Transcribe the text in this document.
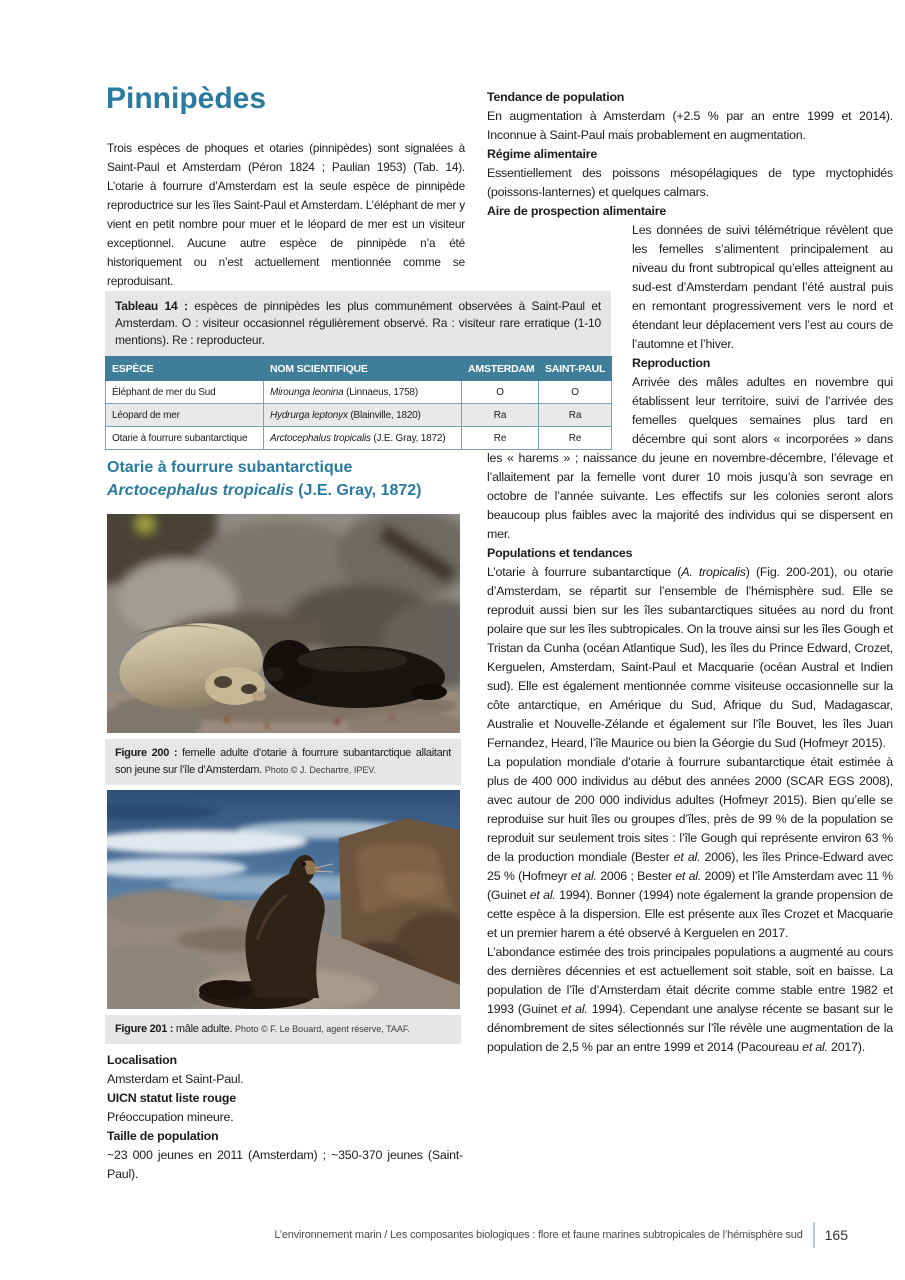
Pinnipèdes

Trois espèces de phoques et otaries (pinnipèdes) sont signalées à Saint-Paul et Amsterdam (Péron 1824 ; Paulian 1953) (Tab. 14). L’otarie à fourrure d’Amsterdam est la seule espèce de pinnipède reproductrice sur les îles Saint-Paul et Amsterdam. L’éléphant de mer y vient en petit nombre pour muer et le léopard de mer est un visiteur exceptionnel. Aucune autre espèce de pinnipède n’a été historiquement ou n’est actuellement mentionnée comme se reproduisant.

Tableau 14 : espèces de pinnipèdes les plus communément observées à Saint-Paul et Amsterdam. O : visiteur occasionnel régulièrement observé. Ra : visiteur rare erratique (1-10 mentions). Re : reproducteur.
ESPÈCE	NOM SCIENTIFIQUE	AMSTERDAM	SAINT-PAUL
Éléphant de mer du Sud	Mirounga leonina (Linnaeus, 1758)	O	O
Léopard de mer	Hydrurga leptonyx (Blainville, 1820)	Ra	Ra
Otarie à fourrure subantarctique	Arctocephalus tropicalis (J.E. Gray, 1872)	Re	Re
Otarie à fourrure subantarctique
Arctocephalus tropicalis (J.E. Gray, 1872)
Figure 200 : femelle adulte d’otarie à fourrure subantarctique allaitant son jeune sur l’île d’Amsterdam. Photo © J. Dechartre, IPEV.
Figure 201 : mâle adulte. Photo © F. Le Bouard, agent réserve, TAAF.
Localisation
Amsterdam et Saint-Paul.
UICN statut liste rouge
Préoccupation mineure.
Taille de population
~23 000 jeunes en 2011 (Amsterdam) ; ~350-370 jeunes (Saint-Paul).
Tendance de population

En augmentation à Amsterdam (+2.5 % par an entre 1999 et 2014). Inconnue à Saint-Paul mais probablement en augmentation.

Régime alimentaire

Essentiellement des poissons mésopélagiques de type myctophidés (poissons-lanternes) et quelques calmars.

Aire de prospection alimentaire

Les données de suivi télémétrique révèlent que les femelles s’alimentent principalement au niveau du front subtropical qu’elles atteignent au sud-est d’Amsterdam pendant l’été austral puis en remontant progressivement vers le nord et étendant leur déplacement vers l’est au cours de l’automne et l’hiver.

Reproduction

Arrivée des mâles adultes en novembre qui établissent leur territoire, suivi de l’arrivée des femelles quelques semaines plus tard en décembre qui sont alors « incorporées » dans les « harems » ; naissance du jeune en novembre-décembre, l’élevage et l’allaitement par la femelle vont durer 10 mois jusqu’à son sevrage en octobre de l’année suivante. Les effectifs sur les colonies seront alors beaucoup plus faibles avec la majorité des individus qui se dispersent en mer.

Populations et tendances

L’otarie à fourrure subantarctique (A. tropicalis) (Fig. 200-201), ou otarie d’Amsterdam, se répartit sur l’ensemble de l’hémisphère sud. Elle se reproduit aussi bien sur les îles subantarctiques situées au nord du front polaire que sur les îles subtropicales. On la trouve ainsi sur les îles Gough et Tristan da Cunha (océan Atlantique Sud), les îles du Prince Edward, Crozet, Kerguelen, Amsterdam, Saint-Paul et Macquarie (océan Austral et Indien sud). Elle est également mentionnée comme visiteuse occasionnelle sur la côte antarctique, en Amérique du Sud, Afrique du Sud, Madagascar, Australie et Nouvelle-Zélande et également sur l’île Bouvet, les îles Juan Fernandez, Heard, l’île Maurice ou bien la Géorgie du Sud (Hofmeyr 2015).

La population mondiale d’otarie à fourrure subantarctique était estimée à plus de 400 000 individus au début des années 2000 (SCAR EGS 2008), avec autour de 200 000 individus adultes (Hofmeyr 2015). Bien qu’elle se reproduise sur huit îles ou groupes d’îles, près de 99 % de la population se reproduit sur seulement trois sites : l’île Gough qui représente environ 63 % de la production mondiale (Bester et al. 2006), les îles Prince-Edward avec 25 % (Hofmeyr et al. 2006 ; Bester et al. 2009) et l’île Amsterdam avec 11 % (Guinet et al. 1994). Bonner (1994) note également la grande propension de cette espèce à la dispersion. Elle est présente aux îles Crozet et Macquarie et un premier harem a été observé à Kerguelen en 2017.

L’abondance estimée des trois principales populations a augmenté au cours des dernières décennies et est actuellement soit stable, soit en baisse. La population de l’île d’Amsterdam était décrite comme stable entre 1982 et 1993 (Guinet et al. 1994). Cependant une analyse récente se basant sur le dénombrement de sites sélectionnés sur l’île révèle une augmentation de la population de 2,5 % par an entre 1999 et 2014 (Pacoureau et al. 2017).

L’environnement marin / Les composantes biologiques : flore et faune marines subtropicales de l’hémisphère sud 165
